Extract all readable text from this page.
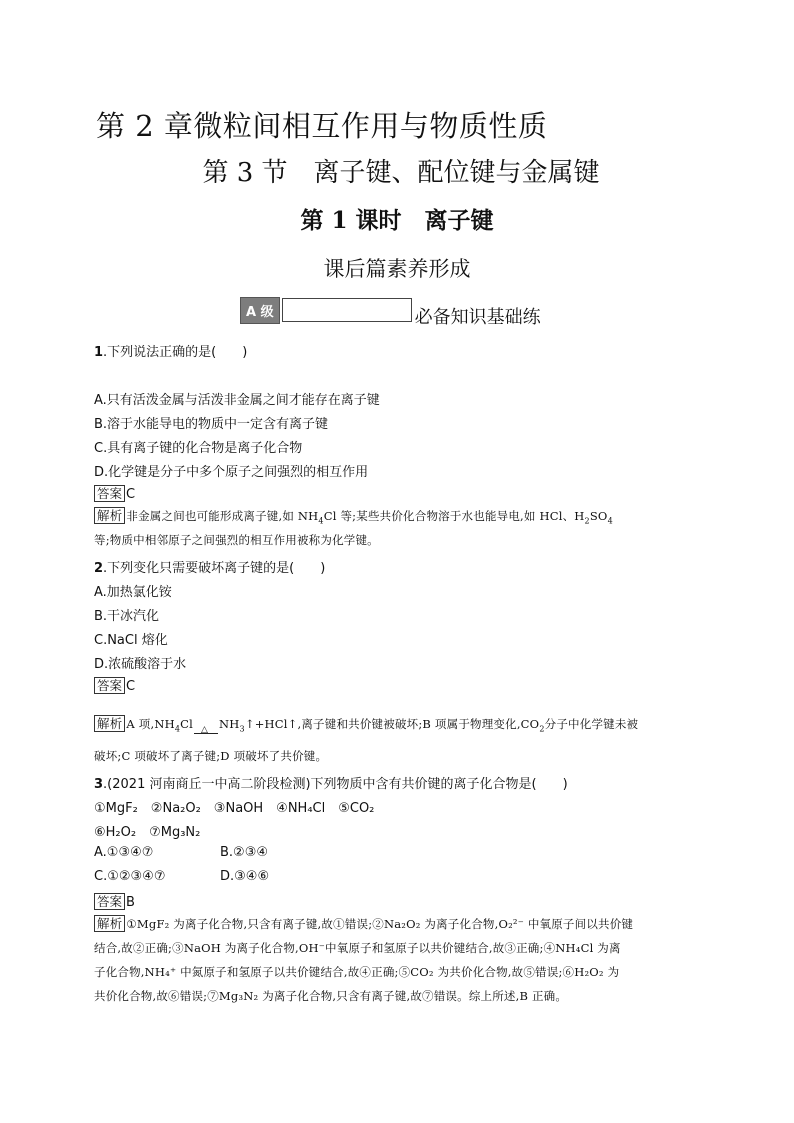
第 2 章微粒间相互作用与物质性质
第 3 节　离子键、配位键与金属键
第 1 课时　离子键
课后篇素养形成
A 级	必备知识基础练
1.下列说法正确的是(　　)
A.只有活泼金属与活泼非金属之间才能存在离子键
B.溶于水能导电的物质中一定含有离子键
C.具有离子键的化合物是离子化合物
D.化学键是分子中多个原子之间强烈的相互作用
答案 C
解析 非金属之间也可能形成离子键,如 $NH_4Cl$ 等;某些共价化合物溶于水也能导电,如 HCl、$H_2SO_4$
等;物质中相邻原子之间强烈的相互作用被称为化学键。
2.下列变化只需要破坏离子键的是(　　)
A.加热氯化铵
B.干冰汽化
C.NaCl 熔化
D.浓硫酸溶于水
答案 C
解析 A 项$,NH_4Cl$ △ $NH_3↑+HCl↑$,离子键和共价键被破坏;B 项属于物理变化$,CO_2$分子中化学键未被
破坏;C 项破坏了离子键;D 项破坏了共价键。
3.(2021 河南商丘一中高二阶段检测)下列物质中含有共价键的离子化合物是(　　)
①MgF₂　②Na₂O₂　③NaOH　④NH₄Cl　⑤CO₂
⑥H₂O₂　⑦Mg₃N₂
A.①③④⑦	B.②③④
C.①②③④⑦	D.③④⑥
答案 B
解析 ①MgF₂ 为离子化合物,只含有离子键,故①错误;②Na₂O₂ 为离子化合物,O₂²⁻ 中氧原子间以共价键
结合,故②正确;③NaOH 为离子化合物,OH⁻中氧原子和氢原子以共价键结合,故③正确;④NH₄Cl 为离
子化合物,NH₄⁺ 中氮原子和氢原子以共价键结合,故④正确;⑤CO₂ 为共价化合物,故⑤错误;⑥H₂O₂ 为
共价化合物,故⑥错误;⑦Mg₃N₂ 为离子化合物,只含有离子键,故⑦错误。综上所述,B 正确。
